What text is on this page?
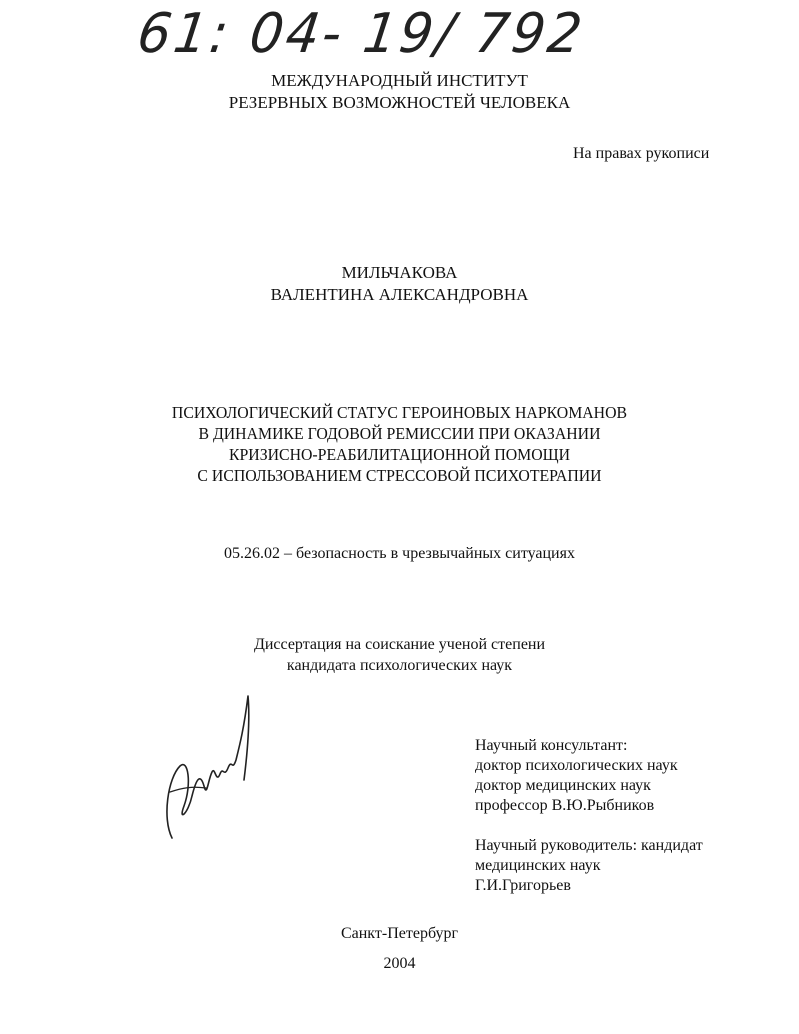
61: 04- 19/ 792
МЕЖДУНАРОДНЫЙ ИНСТИТУТ
РЕЗЕРВНЫХ ВОЗМОЖНОСТЕЙ ЧЕЛОВЕКА
На правах рукописи
МИЛЬЧАКОВА
ВАЛЕНТИНА АЛЕКСАНДРОВНА
ПСИХОЛОГИЧЕСКИЙ СТАТУС ГЕРОИНОВЫХ НАРКОМАНОВ
В ДИНАМИКЕ ГОДОВОЙ РЕМИССИИ ПРИ ОКАЗАНИИ
КРИЗИСНО-РЕАБИЛИТАЦИОННОЙ ПОМОЩИ
С ИСПОЛЬЗОВАНИЕМ СТРЕССОВОЙ ПСИХОТЕРАПИИ
05.26.02 – безопасность в чрезвычайных ситуациях
Диссертация на соискание ученой степени
кандидата психологических наук
Научный консультант:
доктор психологических наук
доктор медицинских наук
профессор В.Ю.Рыбников
Научный руководитель: кандидат
медицинских наук
Г.И.Григорьев
Санкт-Петербург
2004
